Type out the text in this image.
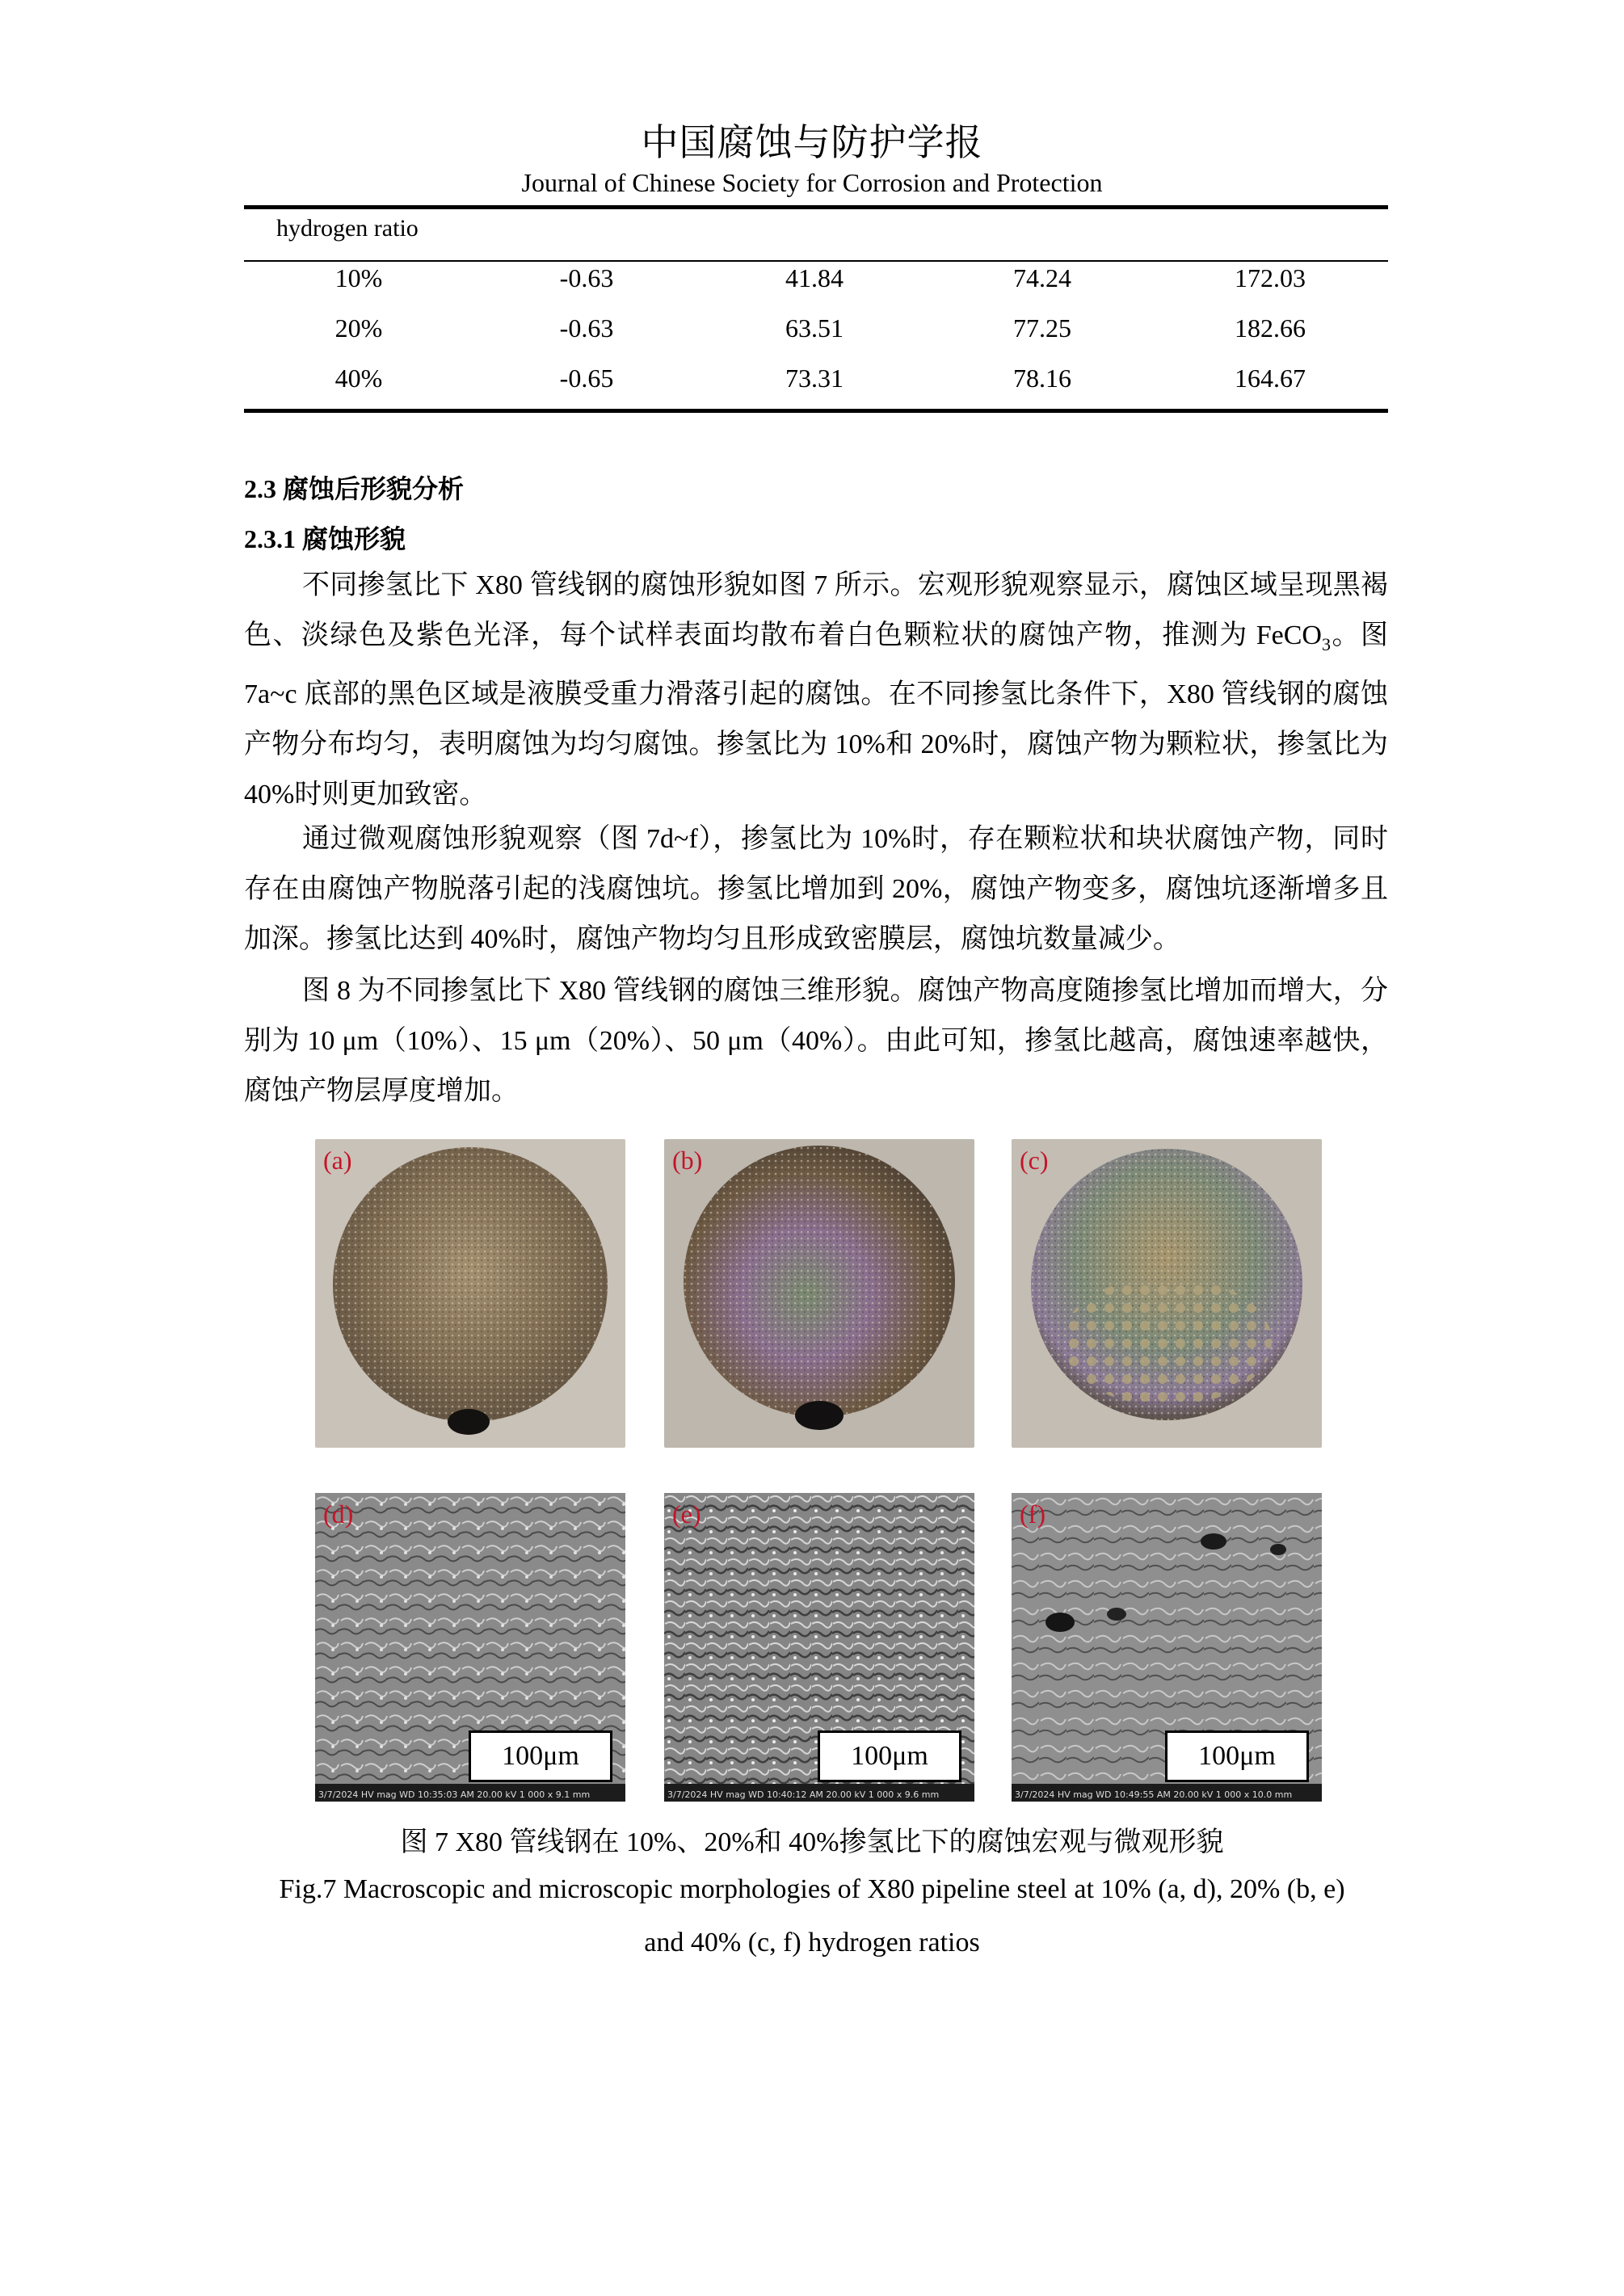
中国腐蚀与防护学报
Journal of Chinese Society for Corrosion and Protection
hydrogen ratio
10%	-0.63	41.84	74.24	172.03
20%	-0.63	63.51	77.25	182.66
40%	-0.65	73.31	78.16	164.67
2.3 腐蚀后形貌分析
2.3.1 腐蚀形貌
不同掺氢比下 X80 管线钢的腐蚀形貌如图 7 所示。宏观形貌观察显示，腐蚀区域呈现黑褐色、淡绿色及紫色光泽，每个试样表面均散布着白色颗粒状的腐蚀产物，推测为 FeCO$_3$。图 7a~c 底部的黑色区域是液膜受重力滑落引起的腐蚀。在不同掺氢比条件下，X80 管线钢的腐蚀产物分布均匀，表明腐蚀为均匀腐蚀。掺氢比为 10%和 20%时，腐蚀产物为颗粒状，掺氢比为 40%时则更加致密。
通过微观腐蚀形貌观察（图 7d~f），掺氢比为 10%时，存在颗粒状和块状腐蚀产物，同时存在由腐蚀产物脱落引起的浅腐蚀坑。掺氢比增加到 20%，腐蚀产物变多，腐蚀坑逐渐增多且加深。掺氢比达到 40%时，腐蚀产物均匀且形成致密膜层，腐蚀坑数量减少。
图 8 为不同掺氢比下 X80 管线钢的腐蚀三维形貌。腐蚀产物高度随掺氢比增加而增大，分别为 10 μm（10%）、15 μm（20%）、50 μm（40%）。由此可知，掺氢比越高，腐蚀速率越快，腐蚀产物层厚度增加。
(a)	(b)	(c)
(d)
100μm
3/7/2024 HV mag WD 10:35:03 AM 20.00 kV 1 000 x 9.1 mm
(e)
100μm
3/7/2024 HV mag WD 10:40:12 AM 20.00 kV 1 000 x 9.6 mm
(f)
100μm
3/7/2024 HV mag WD 10:49:55 AM 20.00 kV 1 000 x 10.0 mm
图 7 X80 管线钢在 10%、20%和 40%掺氢比下的腐蚀宏观与微观形貌
Fig.7 Macroscopic and microscopic morphologies of X80 pipeline steel at 10% (a, d), 20% (b, e)
and 40% (c, f) hydrogen ratios
